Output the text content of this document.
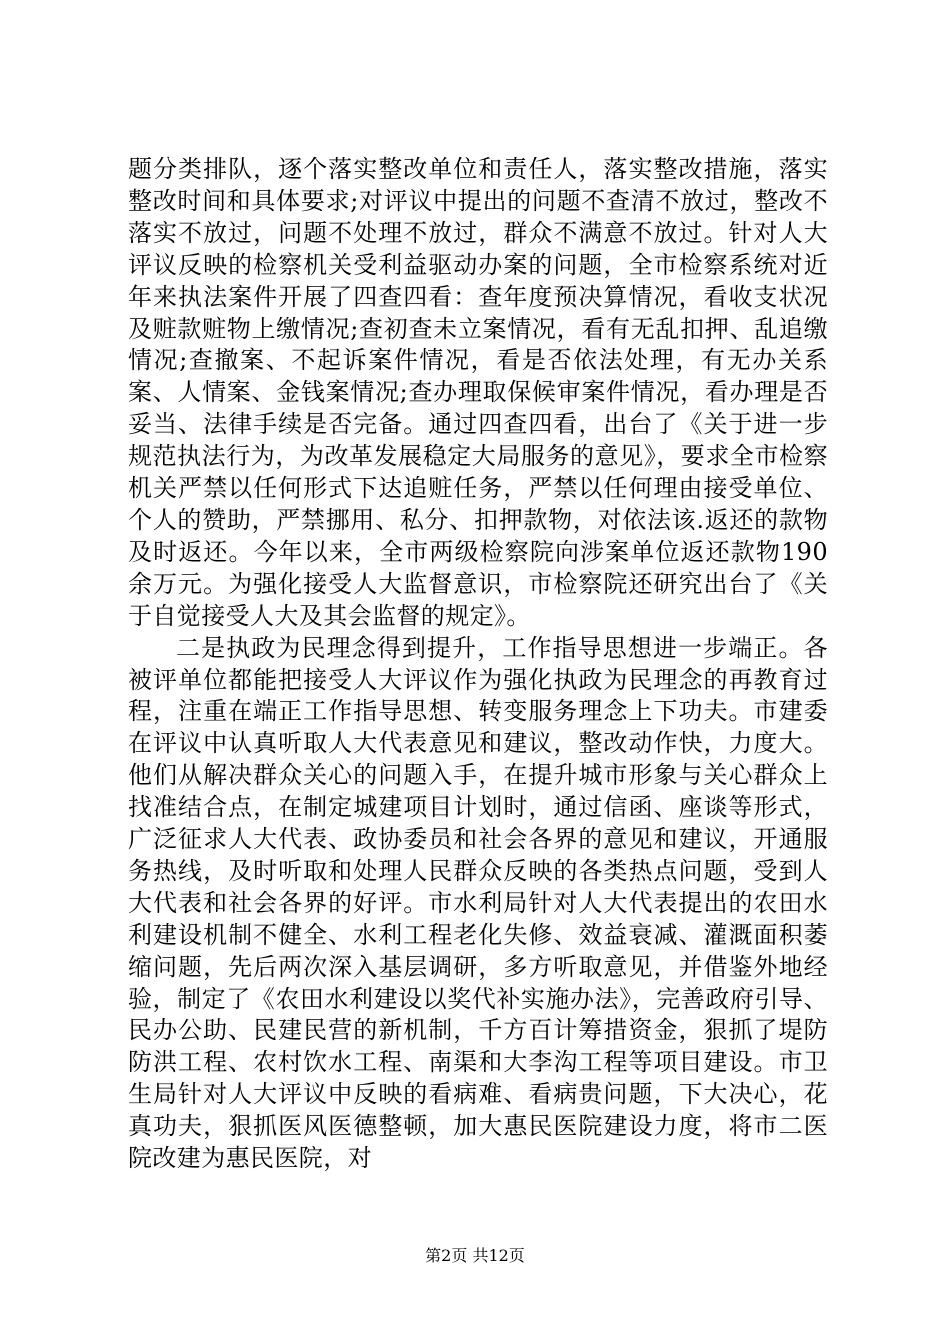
题分类排队，逐个落实整改单位和责任人，落实整改措施，落实整改时间和具体要求;对评议中提出的问题不查清不放过，整改不落实不放过，问题不处理不放过，群众不满意不放过。针对人大评议反映的检察机关受利益驱动办案的问题，全市检察系统对近年来执法案件开展了四查四看：查年度预决算情况，看收支状况及赃款赃物上缴情况;查初查未立案情况，看有无乱扣押、乱追缴情况;查撤案、不起诉案件情况，看是否依法处理，有无办关系案、人情案、金钱案情况;查办理取保候审案件情况，看办理是否妥当、法律手续是否完备。通过四查四看，出台了《关于进一步规范执法行为，为改革发展稳定大局服务的意见》，要求全市检察机关严禁以任何形式下达追赃任务，严禁以任何理由接受单位、个人的赞助，严禁挪用、私分、扣押款物，对依法该.返还的款物及时返还。今年以来，全市两级检察院向涉案单位返还款物190余万元。为强化接受人大监督意识，市检察院还研究出台了《关于自觉接受人大及其会监督的规定》。

二是执政为民理念得到提升，工作指导思想进一步端正。各被评单位都能把接受人大评议作为强化执政为民理念的再教育过程，注重在端正工作指导思想、转变服务理念上下功夫。市建委在评议中认真听取人大代表意见和建议，整改动作快，力度大。他们从解决群众关心的问题入手，在提升城市形象与关心群众上找准结合点，在制定城建项目计划时，通过信函、座谈等形式，广泛征求人大代表、政协委员和社会各界的意见和建议，开通服务热线，及时听取和处理人民群众反映的各类热点问题，受到人大代表和社会各界的好评。市水利局针对人大代表提出的农田水利建设机制不健全、水利工程老化失修、效益衰减、灌溉面积萎缩问题，先后两次深入基层调研，多方听取意见，并借鉴外地经验，制定了《农田水利建设以奖代补实施办法》，完善政府引导、民办公助、民建民营的新机制，千方百计筹措资金，狠抓了堤防防洪工程、农村饮水工程、南渠和大李沟工程等项目建设。市卫生局针对人大评议中反映的看病难、看病贵问题，下大决心，花真功夫，狠抓医风医德整顿，加大惠民医院建设力度，将市二医院改建为惠民医院，对

第2页 共12页
